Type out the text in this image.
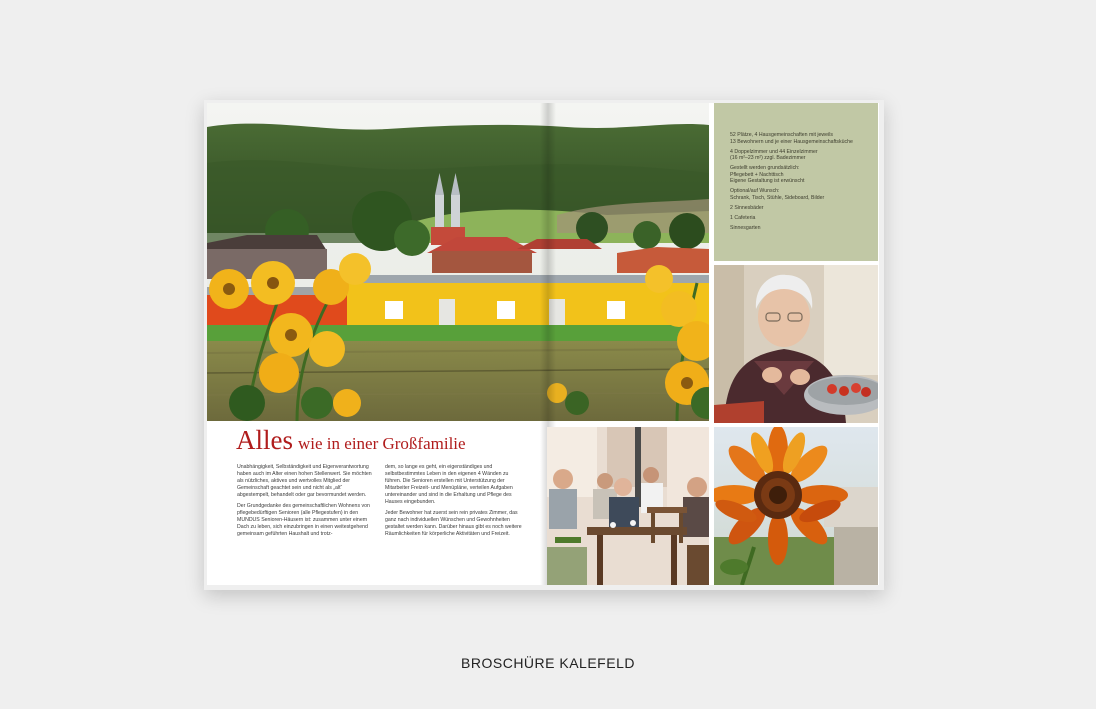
Alles wie in einer Großfamilie

Unabhängigkeit, Selbständigkeit und Eigenverantwortung haben auch im Alter einen hohen Stellenwert. Sie möchten als nützliches, aktives und wertvolles Mitglied der Gemeinschaft geachtet sein und nicht als „alt“ abgestempelt, behandelt oder gar bevormundet werden.

Der Grundgedanke des gemeinschaftlichen Wohnens von pflegebedürftigen Senioren (alle Pflegestufen) in den MUNDUS Senioren-Häusern ist: zusammen unter einem Dach zu leben, sich einzubringen in einen weitestgehend gemeinsam geführten Haushalt und trotz-

dem, so lange es geht, ein eigenständiges und selbstbestimmtes Leben in den eigenen 4 Wänden zu führen. Die Senioren erstellen mit Unterstützung der Mitarbeiter Freizeit- und Menüpläne, verteilen Aufgaben untereinander und sind in die Erhaltung und Pflege des Hauses eingebunden.

Jeder Bewohner hat zuerst sein rein privates Zimmer, das ganz nach individuellen Wünschen und Gewohnheiten gestaltet werden kann. Darüber hinaus gibt es noch weitere Räumlichkeiten für körperliche Aktivitäten und Freizeit.

52 Plätze, 4 Hausgemeinschaften mit jeweils
13 Bewohnern und je einer Hausgemeinschaftsküche

4 Doppelzimmer und 44 Einzelzimmer
(16 m²–23 m²) zzgl. Badezimmer

Gestellt werden grundsätzlich:
Pflegebett + Nachttisch
Eigene Gestaltung ist erwünscht

Optional/auf Wunsch:
Schrank, Tisch, Stühle, Sideboard, Bilder

2 Sinnesbäder

1 Cafeteria

Sinnesgarten

BROSCHÜRE KALEFELD
